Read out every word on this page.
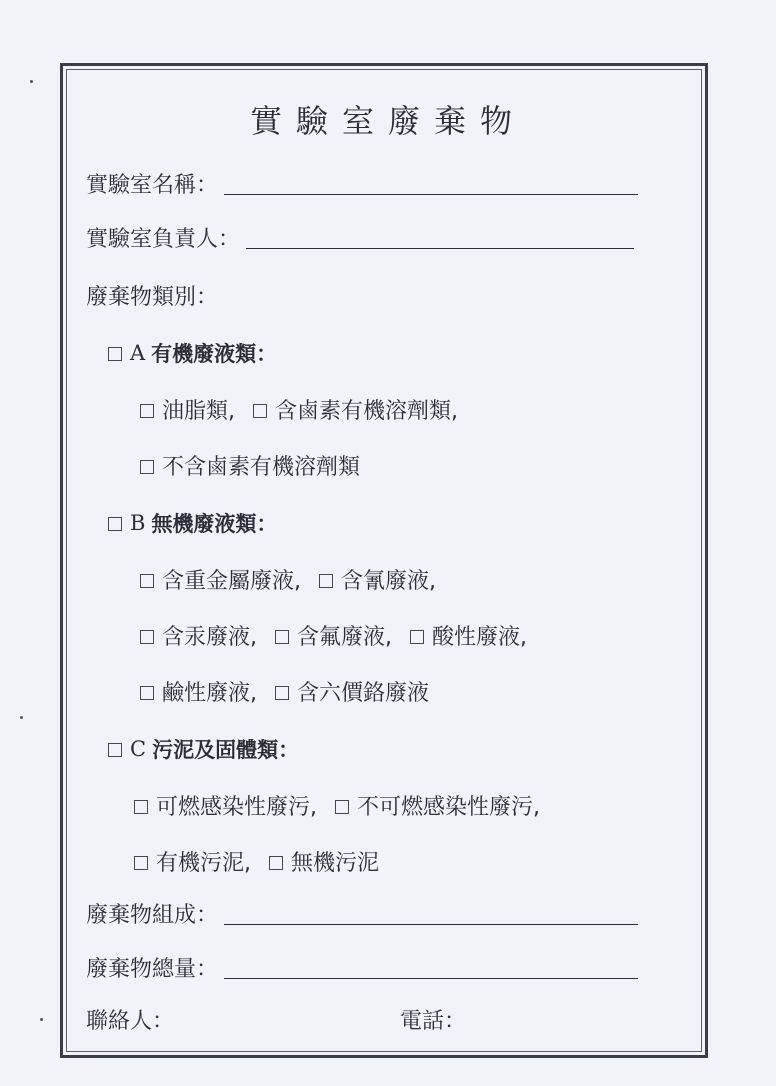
實驗室廢棄物
實驗室名稱：
實驗室負責人：
廢棄物類別：
A 有機廢液類：
油脂類, 含鹵素有機溶劑類,
不含鹵素有機溶劑類
B 無機廢液類：
含重金屬廢液, 含氰廢液,
含汞廢液, 含氟廢液, 酸性廢液,
鹼性廢液, 含六價鉻廢液
C 污泥及固體類：
可燃感染性廢污, 不可燃感染性廢污,
有機污泥, 無機污泥
廢棄物組成：
廢棄物總量：
聯絡人：	電話：
